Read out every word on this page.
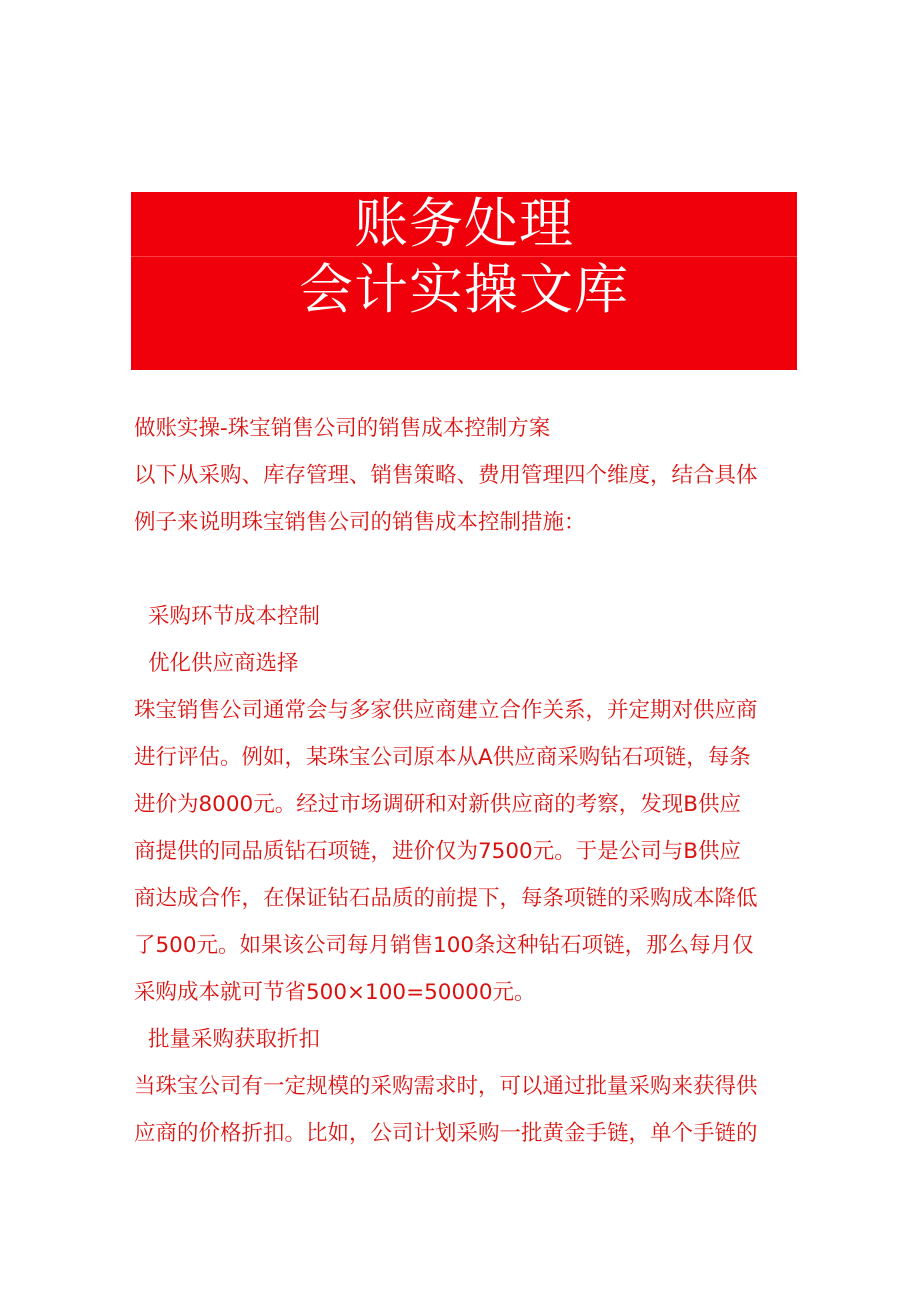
账务处理
会计实操文库

做账实操-珠宝销售公司的销售成本控制方案

以下从采购、库存管理、销售策略、费用管理四个维度，结合具体

例子来说明珠宝销售公司的销售成本控制措施：

采购环节成本控制

优化供应商选择

珠宝销售公司通常会与多家供应商建立合作关系，并定期对供应商

进行评估。例如，某珠宝公司原本从A供应商采购钻石项链，每条

进价为8000元。经过市场调研和对新供应商的考察，发现B供应

商提供的同品质钻石项链，进价仅为7500元。于是公司与B供应

商达成合作，在保证钻石品质的前提下，每条项链的采购成本降低

了500元。如果该公司每月销售100条这种钻石项链，那么每月仅

采购成本就可节省500×100=50000元。

批量采购获取折扣

当珠宝公司有一定规模的采购需求时，可以通过批量采购来获得供

应商的价格折扣。比如，公司计划采购一批黄金手链，单个手链的
